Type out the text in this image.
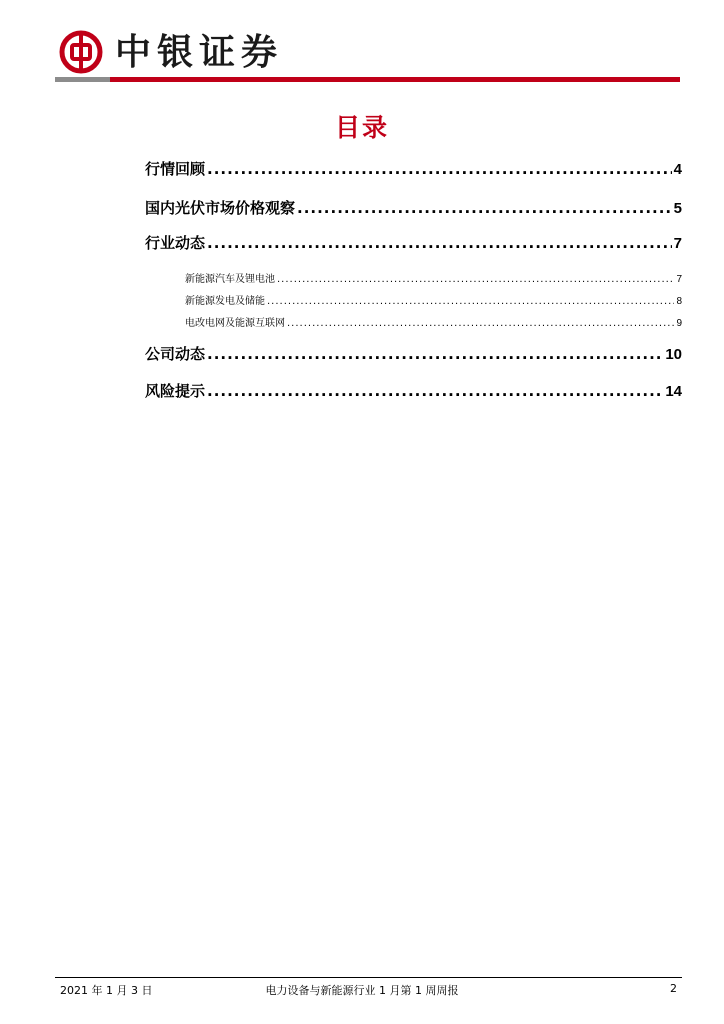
中银证券
目录
行情回顾 .....	4
国内光伏市场价格观察 .....	5
行业动态 .....	7
新能源汽车及锂电池 .....	7
新能源发电及储能 .....	8
电改电网及能源互联网 .....	9
公司动态 .....	10
风险提示 .....	14
2021 年 1 月 3 日	电力设备与新能源行业 1 月第 1 周周报	2
